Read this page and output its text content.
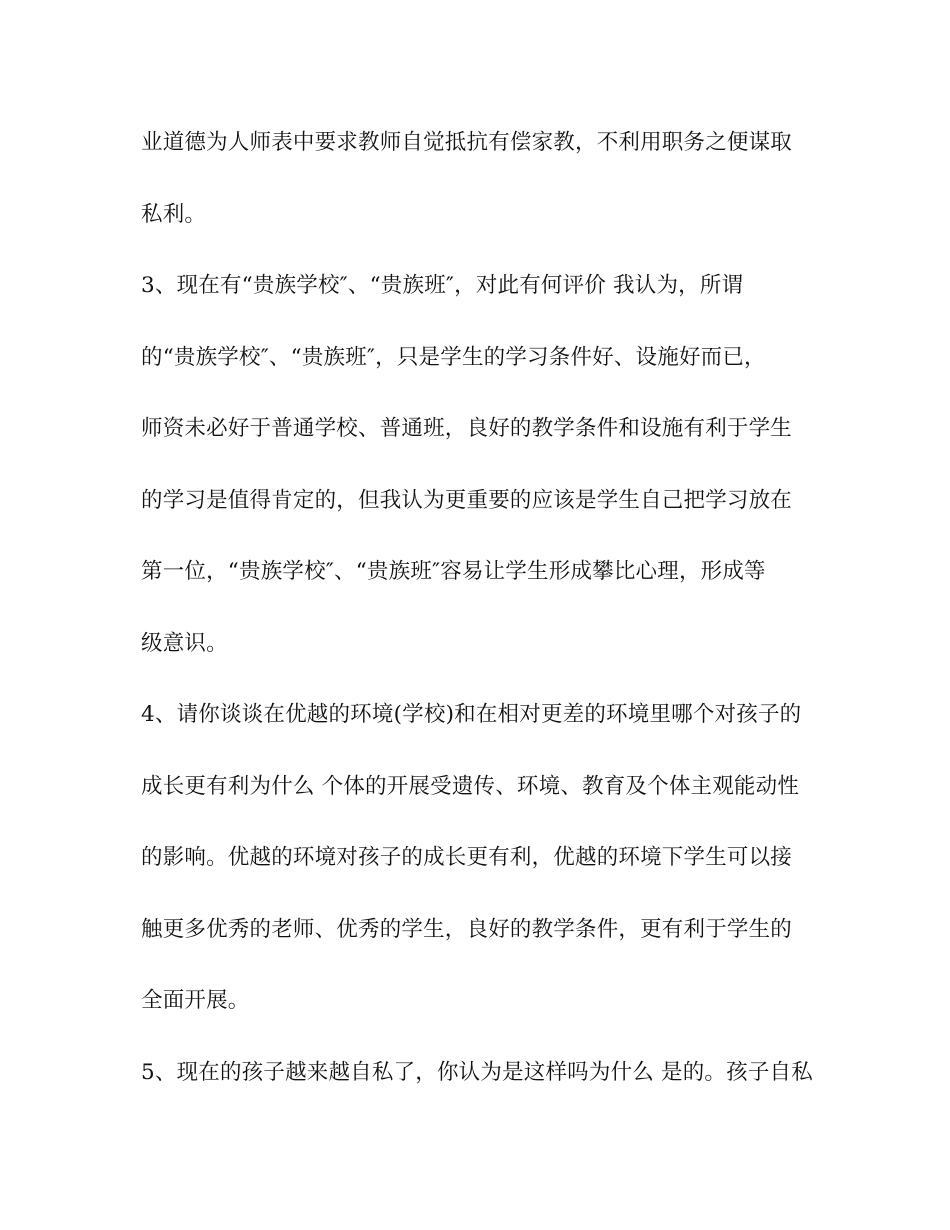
业道德为人师表中要求教师自觉抵抗有偿家教，不利用职务之便谋取

私利。

3、现在有“贵族学校″、“贵族班″，对此有何评价 我认为，所谓

的“贵族学校″、“贵族班″，只是学生的学习条件好、设施好而已，

师资未必好于普通学校、普通班，良好的教学条件和设施有利于学生

的学习是值得肯定的，但我认为更重要的应该是学生自己把学习放在

第一位，“贵族学校″、“贵族班″容易让学生形成攀比心理，形成等

级意识。

4、请你谈谈在优越的环境(学校)和在相对更差的环境里哪个对孩子的

成长更有利为什么 个体的开展受遗传、环境、教育及个体主观能动性

的影响。优越的环境对孩子的成长更有利，优越的环境下学生可以接

触更多优秀的老师、优秀的学生，良好的教学条件，更有利于学生的

全面开展。

5、现在的孩子越来越自私了，你认为是这样吗为什么 是的。孩子自私
